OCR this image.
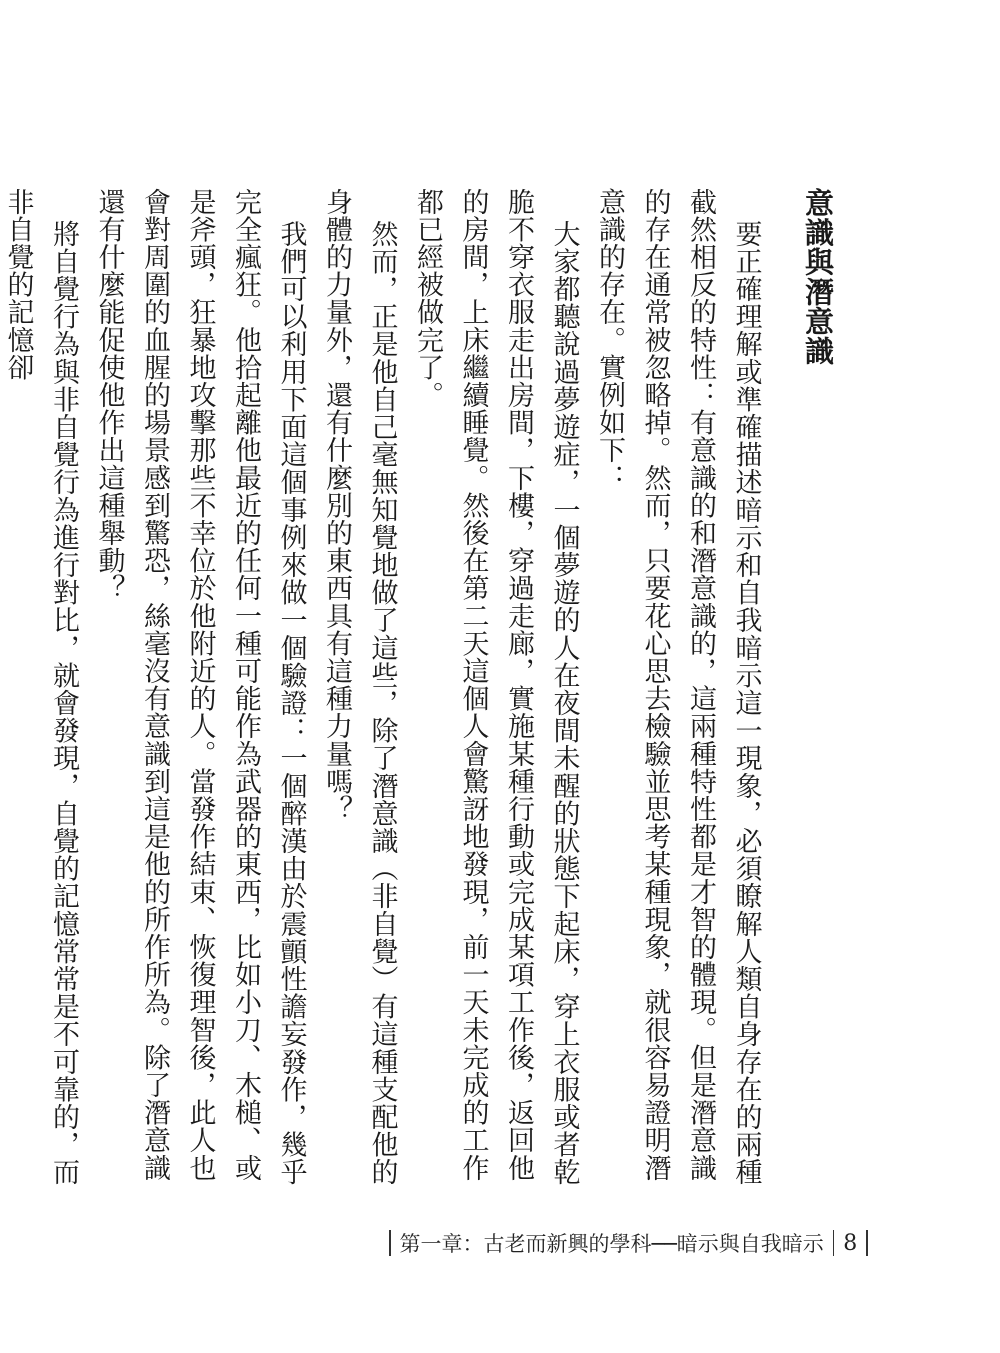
意識與潛意識

要正確理解或準確描述暗示和自我暗示這一現象，必須瞭解人類自身存在的兩種截然相反的特性：有意識的和潛意識的，這兩種特性都是才智的體現。但是潛意識的存在通常被忽略掉。然而，只要花心思去檢驗並思考某種現象，就很容易證明潛意識的存在。實例如下：

大家都聽說過夢遊症，一個夢遊的人在夜間未醒的狀態下起床，穿上衣服或者乾脆不穿衣服走出房間，下樓，穿過走廊，實施某種行動或完成某項工作後，返回他的房間，上床繼續睡覺。然後在第二天這個人會驚訝地發現，前一天未完成的工作都已經被做完了。

然而，正是他自己毫無知覺地做了這些，除了潛意識（非自覺）有這種支配他的身體的力量外，還有什麼別的東西具有這種力量嗎？

我們可以利用下面這個事例來做一個驗證：一個醉漢由於震顫性譫妄發作，幾乎完全瘋狂。他拾起離他最近的任何一種可能作為武器的東西，比如小刀、木槌、或是斧頭，狂暴地攻擊那些不幸位於他附近的人。當發作結束、恢復理智後，此人也會對周圍的血腥的場景感到驚恐，絲毫沒有意識到這是他的所作所為。除了潛意識還有什麼能促使他作出這種舉動？

將自覺行為與非自覺行為進行對比，就會發現，自覺的記憶常常是不可靠的，而非自覺的記憶卻

第一章：古老而新興的學科──暗示與自我暗示 8
